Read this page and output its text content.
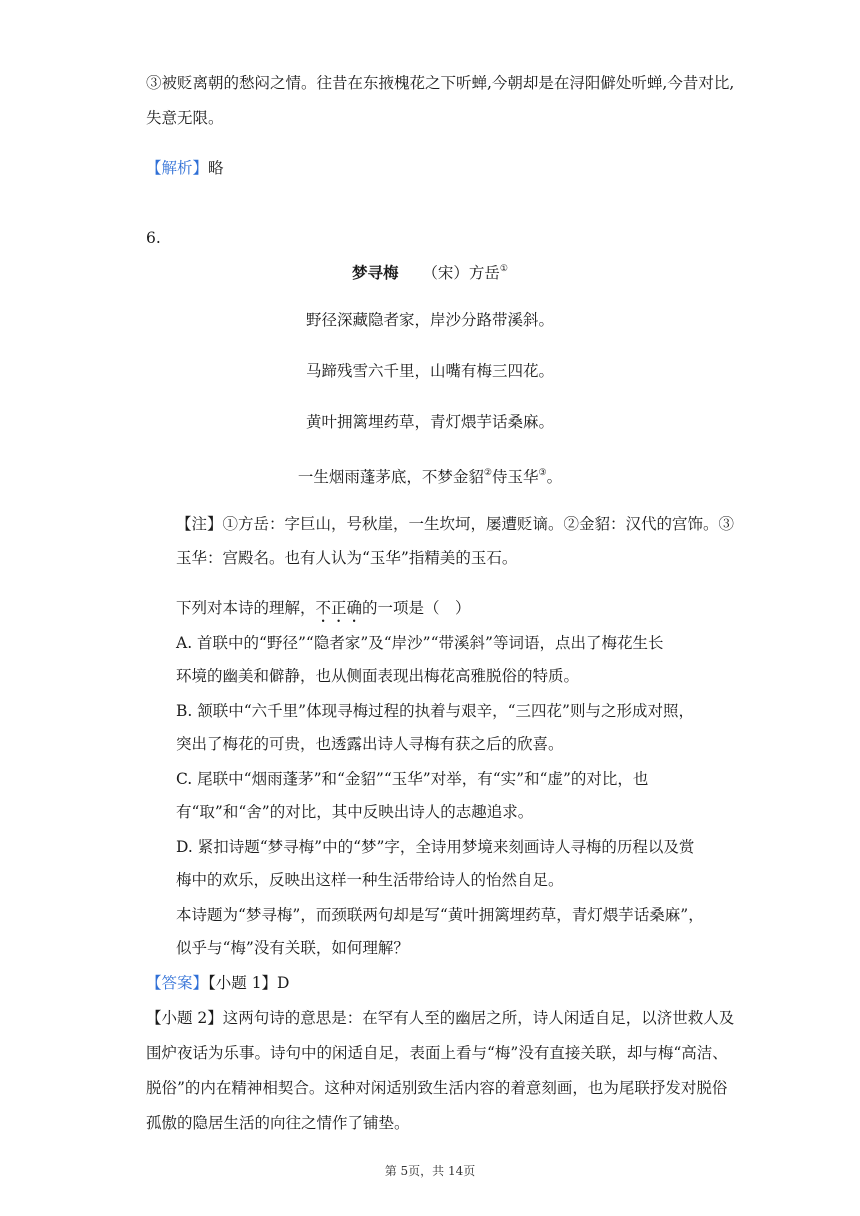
③被贬离朝的愁闷之情。往昔在东掖槐花之下听蝉,今朝却是在浔阳僻处听蝉,今昔对比,
失意无限。
【解析】略
6.
梦寻梅 （宋）方岳①
野径深藏隐者家，岸沙分路带溪斜。
马蹄残雪六千里，山嘴有梅三四花。
黄叶拥篱埋药草，青灯煨芋话桑麻。
一生烟雨蓬茅底，不梦金貂②侍玉华③。
【注】①方岳：字巨山，号秋崖，一生坎坷，屡遭贬谪。②金貂：汉代的宫饰。③
玉华：宫殿名。也有人认为“玉华”指精美的玉石。
下列对本诗的理解，不正确的一项是（　）
A. 首联中的“野径”“隐者家”及“岸沙”“带溪斜”等词语，点出了梅花生长
环境的幽美和僻静，也从侧面表现出梅花高雅脱俗的特质。
B. 颔联中“六千里”体现寻梅过程的执着与艰辛，“三四花”则与之形成对照，
突出了梅花的可贵，也透露出诗人寻梅有获之后的欣喜。
C. 尾联中“烟雨蓬茅”和“金貂”“玉华”对举，有“实”和“虚”的对比，也
有“取”和“舍”的对比，其中反映出诗人的志趣追求。
D. 紧扣诗题“梦寻梅”中的“梦”字，全诗用梦境来刻画诗人寻梅的历程以及赏
梅中的欢乐，反映出这样一种生活带给诗人的怡然自足。
本诗题为“梦寻梅”，而颈联两句却是写“黄叶拥篱埋药草，青灯煨芋话桑麻”，
似乎与“梅”没有关联，如何理解？
【答案】【小题 1】D
【小题 2】这两句诗的意思是：在罕有人至的幽居之所，诗人闲适自足，以济世救人及
围炉夜话为乐事。诗句中的闲适自足，表面上看与“梅”没有直接关联，却与梅“高洁、
脱俗”的内在精神相契合。这种对闲适别致生活内容的着意刻画，也为尾联抒发对脱俗
孤傲的隐居生活的向往之情作了铺垫。
第 5页，共 14页
